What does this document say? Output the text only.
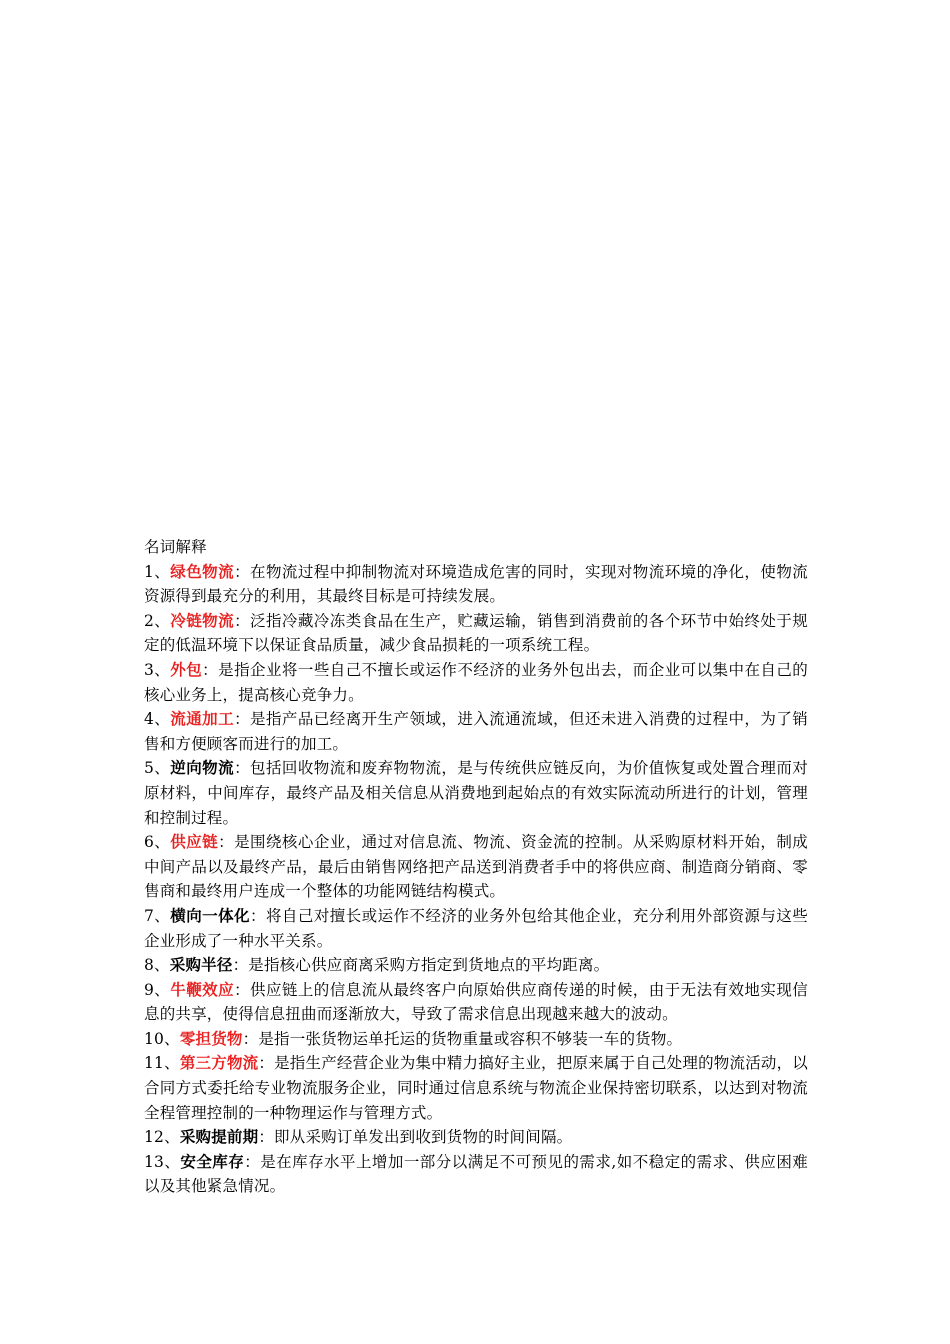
名词解释
1、绿色物流：在物流过程中抑制物流对环境造成危害的同时，实现对物流环境的净化，使物流资源得到最充分的利用，其最终目标是可持续发展。
2、冷链物流：泛指冷藏冷冻类食品在生产，贮藏运输，销售到消费前的各个环节中始终处于规定的低温环境下以保证食品质量，减少食品损耗的一项系统工程。
3、外包：是指企业将一些自己不擅长或运作不经济的业务外包出去，而企业可以集中在自己的核心业务上，提高核心竞争力。
4、流通加工：是指产品已经离开生产领域，进入流通流域，但还未进入消费的过程中，为了销售和方便顾客而进行的加工。
5、逆向物流：包括回收物流和废弃物物流，是与传统供应链反向，为价值恢复或处置合理而对原材料，中间库存，最终产品及相关信息从消费地到起始点的有效实际流动所进行的计划，管理和控制过程。
6、供应链：是围绕核心企业，通过对信息流、物流、资金流的控制。从采购原材料开始，制成中间产品以及最终产品，最后由销售网络把产品送到消费者手中的将供应商、制造商分销商、零售商和最终用户连成一个整体的功能网链结构模式。
7、横向一体化：将自己对擅长或运作不经济的业务外包给其他企业，充分利用外部资源与这些企业形成了一种水平关系。
8、采购半径：是指核心供应商离采购方指定到货地点的平均距离。
9、牛鞭效应：供应链上的信息流从最终客户向原始供应商传递的时候，由于无法有效地实现信息的共享，使得信息扭曲而逐渐放大，导致了需求信息出现越来越大的波动。
10、零担货物：是指一张货物运单托运的货物重量或容积不够装一车的货物。
11、第三方物流：是指生产经营企业为集中精力搞好主业，把原来属于自己处理的物流活动，以合同方式委托给专业物流服务企业，同时通过信息系统与物流企业保持密切联系，以达到对物流全程管理控制的一种物理运作与管理方式。
12、采购提前期：即从采购订单发出到收到货物的时间间隔。
13、安全库存：是在库存水平上增加一部分以满足不可预见的需求,如不稳定的需求、供应困难以及其他紧急情况。
